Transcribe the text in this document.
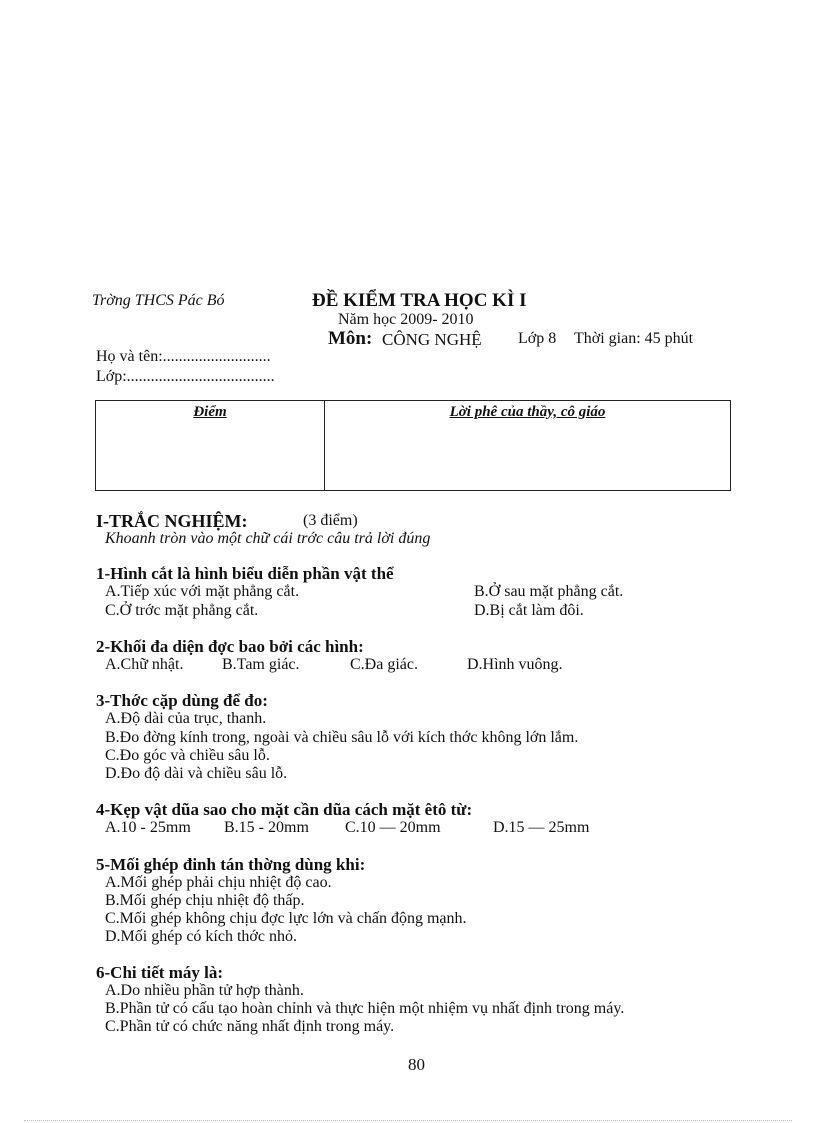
Trờng THCS Pác Bó	ĐỀ KIỂM TRA HỌC KÌ I
Năm học 2009- 2010
Môn: CÔNG NGHỆ Lớp 8 Thời gian: 45 phút
Họ và tên:...........................
Lớp:.....................................
Điểm	Lời phê của thầy, cô giáo
I-TRẮC NGHIỆM:	(3 điểm)
Khoanh tròn vào một chữ cái trớc câu trả lời đúng
1-Hình cắt là hình biểu diễn phần vật thể
A.Tiếp xúc với mặt phẳng cắt.	B.Ở sau mặt phẳng cắt.
C.Ở trớc mặt phẳng cắt.	D.Bị cắt làm đôi.
2-Khối đa diện đợc bao bởi các hình:
A.Chữ nhật. B.Tam giác.	C.Đa giác.	D.Hình vuông.
3-Thớc cặp dùng để đo:
A.Độ dài của trục, thanh.
B.Đo đờng kính trong, ngoài và chiều sâu lỗ với kích thớc không lớn lắm.
C.Đo góc và chiều sâu lỗ.
D.Đo độ dài và chiều sâu lỗ.
4-Kẹp vật dũa sao cho mặt cần dũa cách mặt êtô từ:
A.10 - 25mm B.15 - 20mm C.10 — 20mm	D.15 — 25mm
5-Mối ghép đinh tán thờng dùng khi:
A.Mối ghép phải chịu nhiệt độ cao.
B.Mối ghép chịu nhiệt độ thấp.
C.Mối ghép không chịu đợc lực lớn và chấn động mạnh.
D.Mối ghép có kích thớc nhỏ.
6-Chi tiết máy là:
A.Do nhiều phần tử hợp thành.
B.Phần tử có cấu tạo hoàn chỉnh và thực hiện một nhiệm vụ nhất định trong máy.
C.Phần tử có chức năng nhất định trong máy.
80
